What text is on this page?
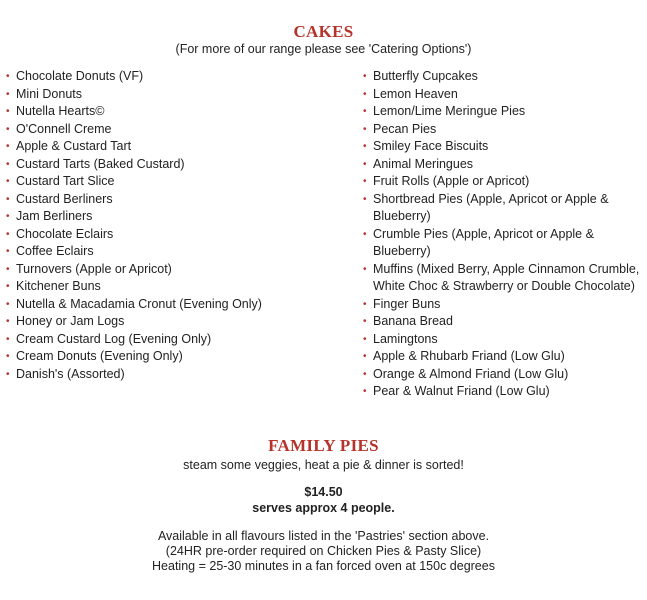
CAKES

(For more of our range please see 'Catering Options')

• Chocolate Donuts (VF)
• Mini Donuts
• Nutella Hearts©
• O'Connell Creme
• Apple & Custard Tart
• Custard Tarts (Baked Custard)
• Custard Tart Slice
• Custard Berliners
• Jam Berliners
• Chocolate Eclairs
• Coffee Eclairs
• Turnovers (Apple or Apricot)
• Kitchener Buns
• Nutella & Macadamia Cronut (Evening Only)
• Honey or Jam Logs
• Cream Custard Log (Evening Only)
• Cream Donuts (Evening Only)
• Danish's (Assorted)
• Butterfly Cupcakes
• Lemon Heaven
• Lemon/Lime Meringue Pies
• Pecan Pies
• Smiley Face Biscuits
• Animal Meringues
• Fruit Rolls (Apple or Apricot)
• Shortbread Pies (Apple, Apricot or Apple & Blueberry)
• Crumble Pies (Apple, Apricot or Apple & Blueberry)
• Muffins (Mixed Berry, Apple Cinnamon Crumble, White Choc & Strawberry or Double Chocolate)
• Finger Buns
• Banana Bread
• Lamingtons
• Apple & Rhubarb Friand (Low Glu)
• Orange & Almond Friand (Low Glu)
• Pear & Walnut Friand (Low Glu)
FAMILY PIES

steam some veggies, heat a pie & dinner is sorted!

$14.50
serves approx 4 people.
Available in all flavours listed in the 'Pastries' section above.
(24HR pre-order required on Chicken Pies & Pasty Slice)
Heating = 25-30 minutes in a fan forced oven at 150c degrees
